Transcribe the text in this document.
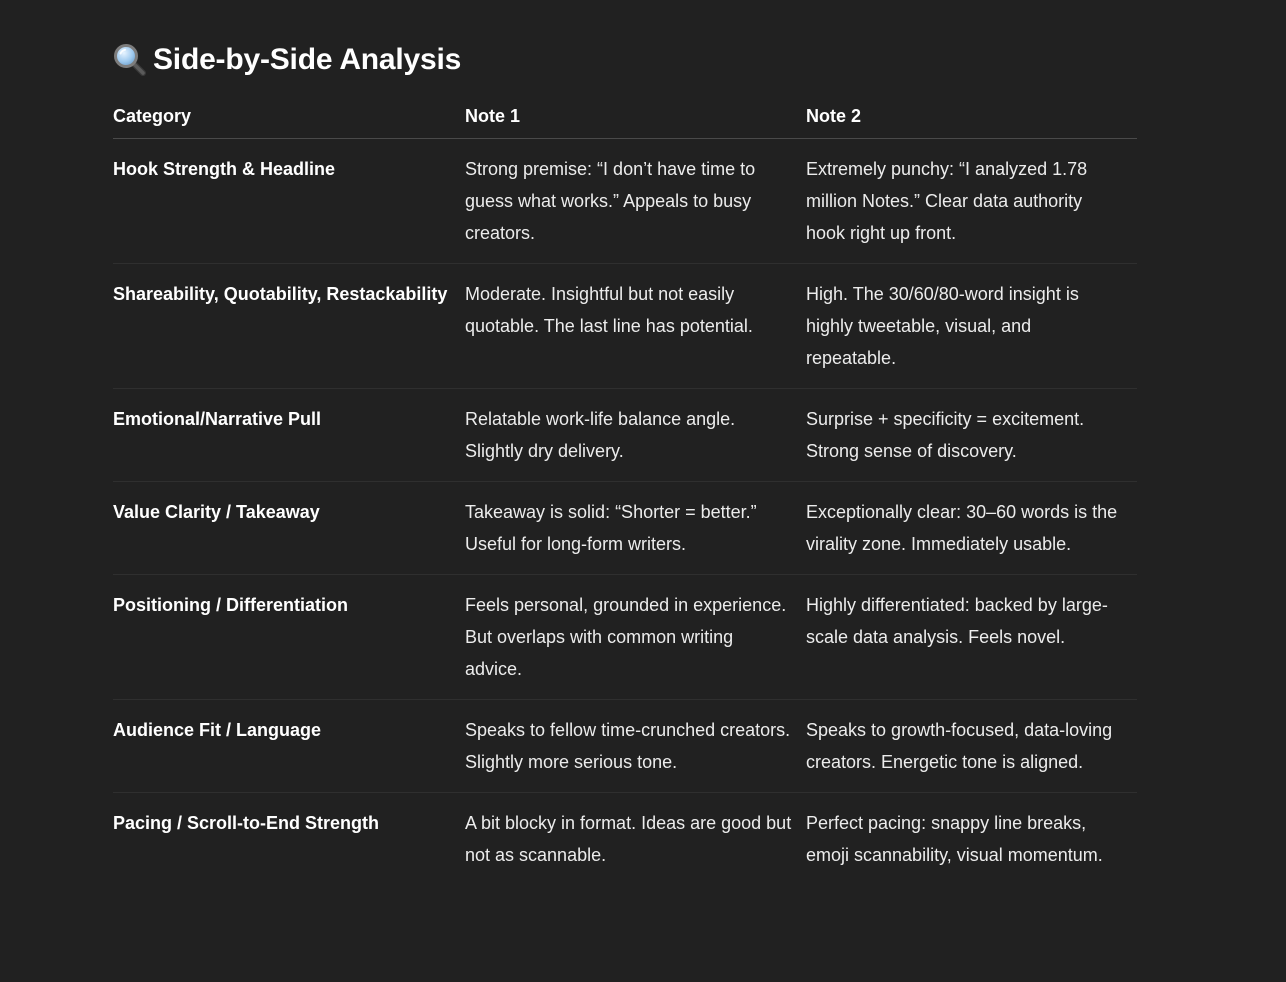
Side-by-Side Analysis
Category	Note 1	Note 2
Hook Strength & Headline	Strong premise: “I don’t have time to guess what works.” Appeals to busy creators.	Extremely punchy: “I analyzed 1.78 million Notes.” Clear data authority hook right up front.
Shareability, Quotability, Restackability	Moderate. Insightful but not easily quotable. The last line has potential.	High. The 30/60/80-word insight is highly tweetable, visual, and repeatable.
Emotional/Narrative Pull	Relatable work-life balance angle. Slightly dry delivery.	Surprise + specificity = excitement. Strong sense of discovery.
Value Clarity / Takeaway	Takeaway is solid: “Shorter = better.” Useful for long-form writers.	Exceptionally clear: 30–60 words is the virality zone. Immediately usable.
Positioning / Differentiation	Feels personal, grounded in experience. But overlaps with common writing advice.	Highly differentiated: backed by large-scale data analysis. Feels novel.
Audience Fit / Language	Speaks to fellow time-crunched creators. Slightly more serious tone.	Speaks to growth-focused, data-loving creators. Energetic tone is aligned.
Pacing / Scroll-to-End Strength	A bit blocky in format. Ideas are good but not as scannable.	Perfect pacing: snappy line breaks, emoji scannability, visual momentum.
